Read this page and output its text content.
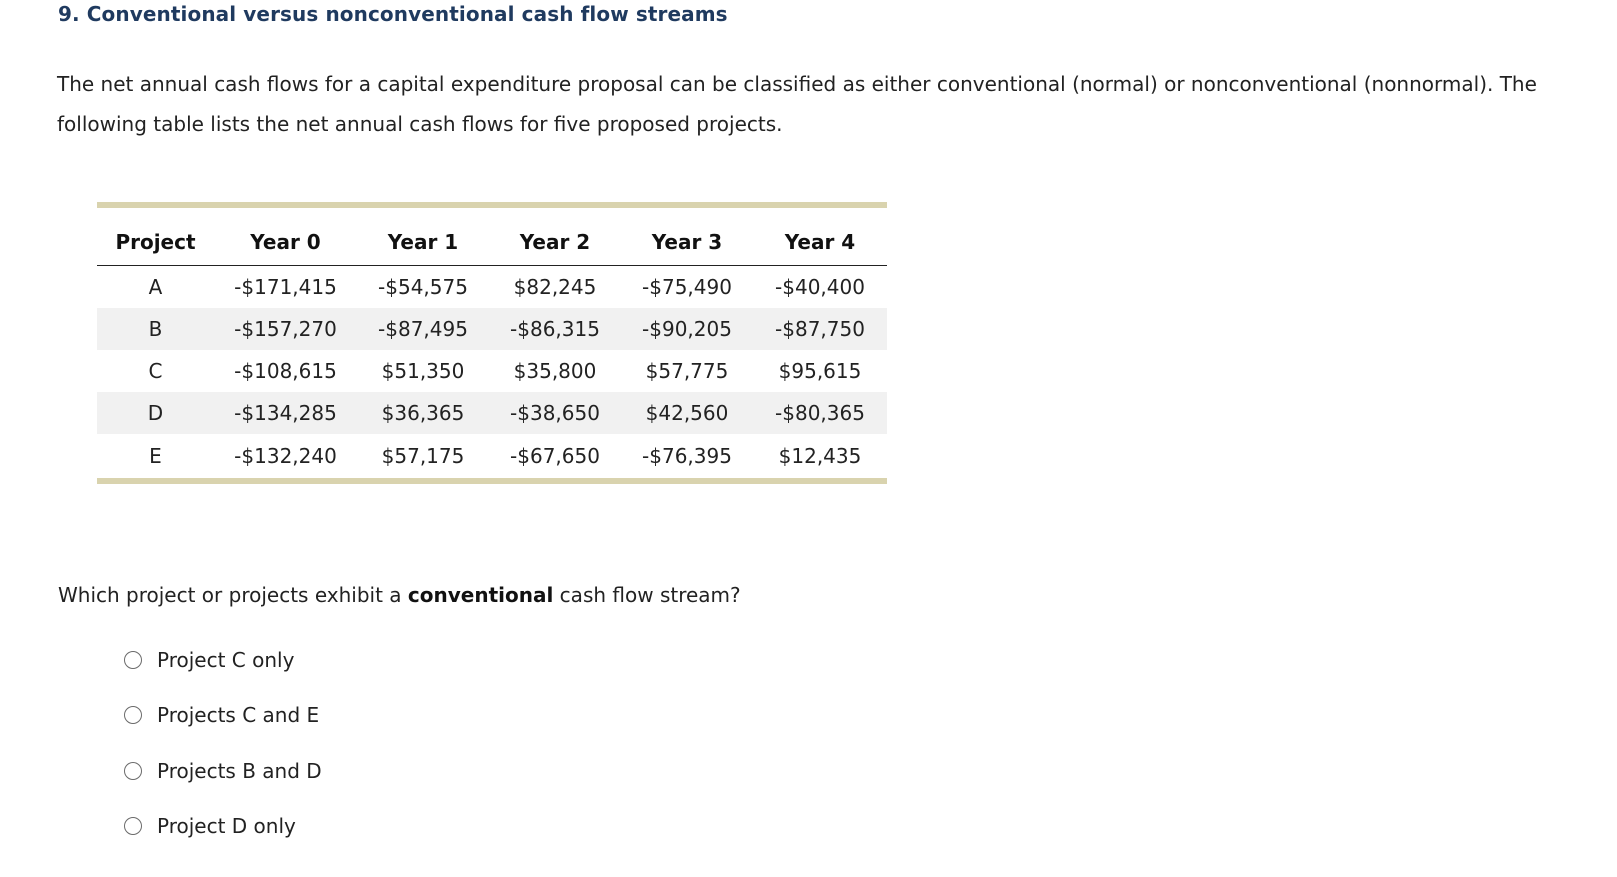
9. Conventional versus nonconventional cash flow streams

The net annual cash flows for a capital expenditure proposal can be classified as either conventional (normal) or nonconventional (nonnormal). The following table lists the net annual cash flows for five proposed projects.

Project	Year 0	Year 1	Year 2	Year 3	Year 4
A	-$171,415	-$54,575	$82,245	-$75,490	-$40,400
B	-$157,270	-$87,495	-$86,315	-$90,205	-$87,750
C	-$108,615	$51,350	$35,800	$57,775	$95,615
D	-$134,285	$36,365	-$38,650	$42,560	-$80,365
E	-$132,240	$57,175	-$67,650	-$76,395	$12,435

Which project or projects exhibit a conventional cash flow stream?

Project C only
Projects C and E
Projects B and D
Project D only
